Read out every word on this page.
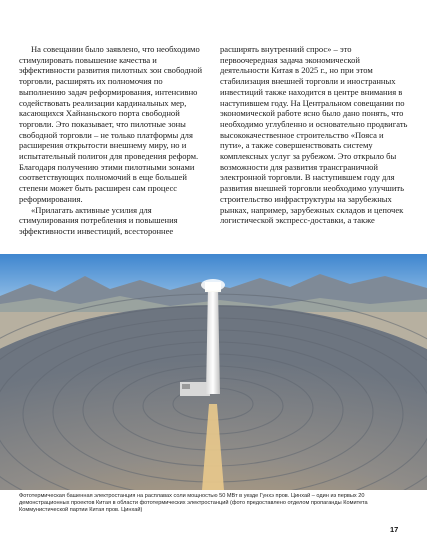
На совещании было заявлено, что необходимо стимулировать повышение качества и эффективности развития пилотных зон свободной торговли, расширять их полномочия по выполнению задач реформирования, интенсивно содействовать реализации кардинальных мер, касающихся Хайнаньского порта свободной торговли. Это показывает, что пилотные зоны свободной торговли – не только платформы для расширения открытости внешнему миру, но и испытательный полигон для проведения реформ. Благодаря получению этими пилотными зонами соответствующих полномочий в еще большей степени может быть расширен сам процесс реформирования.

«Прилагать активные усилия для стимулирования потребления и повышения эффективности инвестиций, всестороннее

расширять внутренний спрос» – это первоочередная задача экономической деятельности Китая в 2025 г., но при этом стабилизация внешней торговли и иностранных инвестиций также находится в центре внимания в наступившем году. На Центральном совещании по экономической работе ясно было дано понять, что необходимо углубленно и основательно продвигать высококачественное строительство «Пояса и пути», а также совершенствовать систему комплексных услуг за рубежом. Это открыло бы возможности для развития трансграничной электронной торговли. В наступившем году для развития внешней торговли необходимо улучшить строительство инфраструктуры на зарубежных рынках, например, зарубежных складов и цепочек логистической экспресс-доставки, а также

Фототермическая башенная электростанция на расплавах соли мощностью 50 МВт в уезде Гунхэ пров. Цинхай – один из первых 20 демонстрационных проектов Китая в области фототермических электростанций (фото предоставлено отделом пропаганды Комитета Коммунистической партии Китая пров. Цинхай)
17
